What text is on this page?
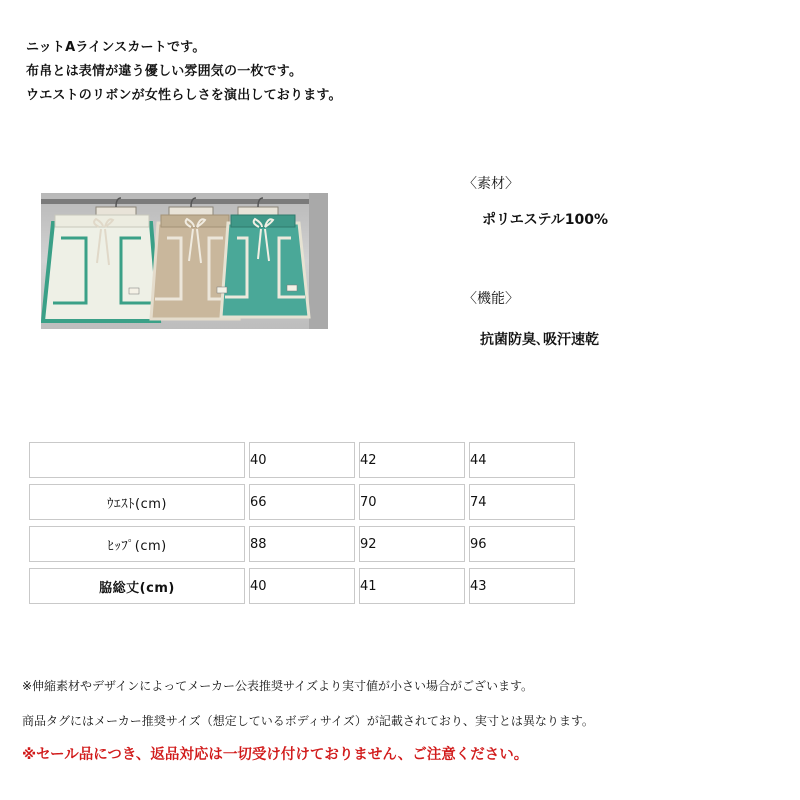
ニットAラインスカートです。
布帛とは表情が違う優しい雰囲気の一枚です。
ウエストのリボンが女性らしさを演出しております。
〈素材〉
ポリエステル100%
〈機能〉
抗菌防臭､吸汗速乾
	40	42	44
ｳｴｽﾄ(cm)	66	70	74
ﾋｯﾌﾟ(cm)	88	92	96
脇総丈(cm)	40	41	43
※伸縮素材やデザインによってメーカー公表推奨サイズより実寸値が小さい場合がございます。
商品タグにはメーカー推奨サイズ（想定しているボディサイズ）が記載されており、実寸とは異なります。
※セール品につき、返品対応は一切受け付けておりません、ご注意ください。
